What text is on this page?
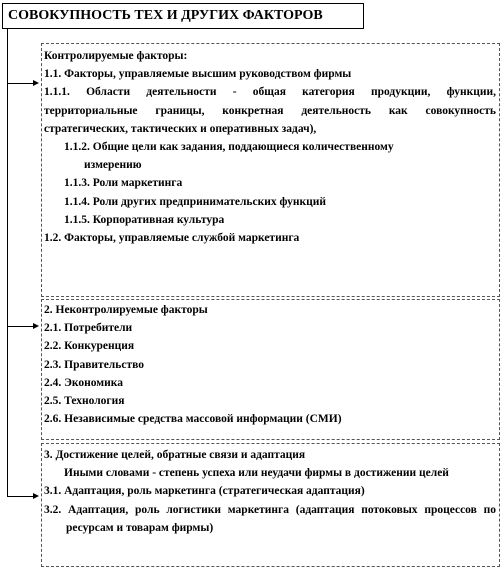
СОВОКУПНОСТЬ ТЕХ И ДРУГИХ ФАКТОРОВ
Контролируемые факторы:
1.1. Факторы, управляемые высшим руководством фирмы
1.1.1. Области деятельности - общая категория продукции, функции, территориальные границы, конкретная деятельность как совокупность стратегических, тактических и оперативных задач),
1.1.2. Общие цели как задания, поддающиеся количественному
измерению
1.1.3. Роли маркетинга
1.1.4. Роли других предпринимательских функций
1.1.5. Корпоративная культура
1.2. Факторы, управляемые службой маркетинга
2. Неконтролируемые факторы
2.1. Потребители
2.2. Конкуренция
2.3. Правительство
2.4. Экономика
2.5. Технология
2.6. Независимые средства массовой информации (СМИ)
3. Достижение целей, обратные связи и адаптация
Иными словами - степень успеха или неудачи фирмы в достижении целей
3.1. Адаптация, роль маркетинга (стратегическая адаптация)
3.2. Адаптация, роль логистики маркетинга (адаптация потоковых процессов по ресурсам и товарам фирмы)
